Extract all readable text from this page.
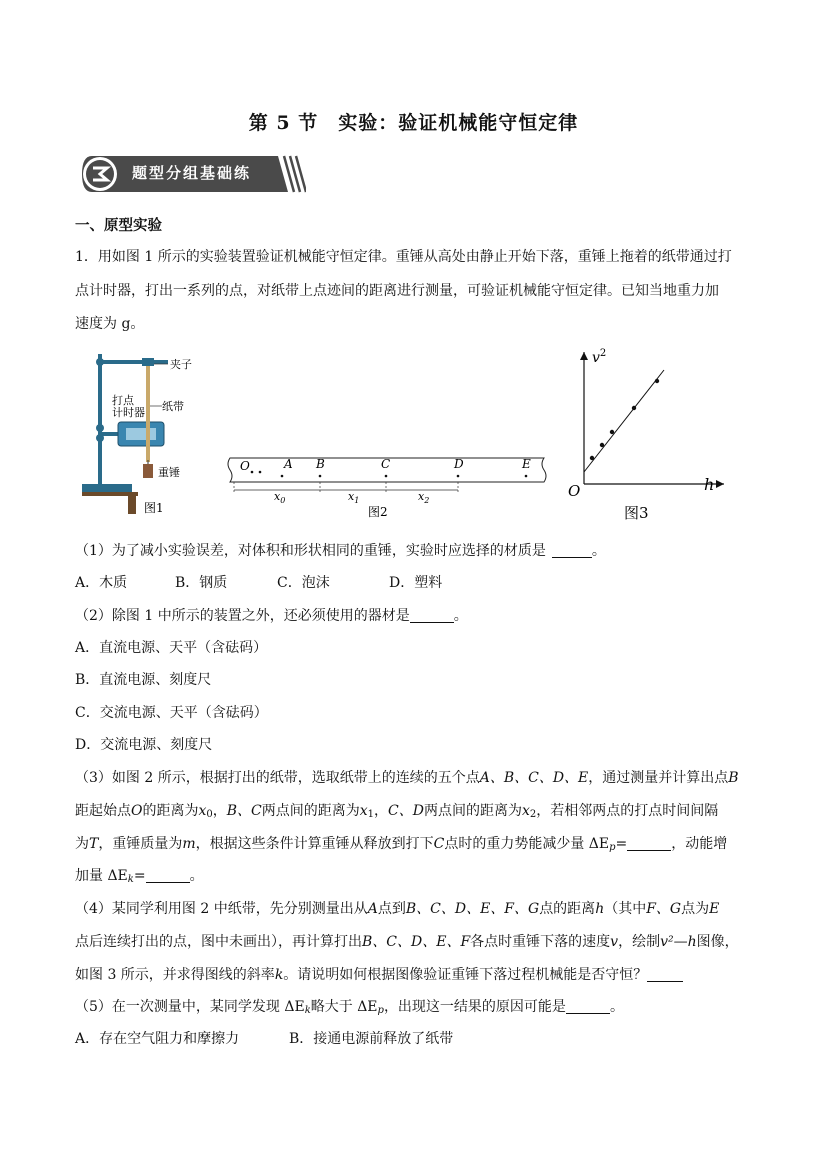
第 5 节　实验：验证机械能守恒定律
题型分组基础练
一、原型实验
1．用如图 1 所示的实验装置验证机械能守恒定律。重锤从高处由静止开始下落，重锤上拖着的纸带通过打
点计时器，打出一系列的点，对纸带上点迹间的距离进行测量，可验证机械能守恒定律。已知当地重力加
速度为 g。
夹子
纸带
打点
计时器
重锤
图1
O	A B	C	D	E
$x_0$	$x_1$	$x_2$
图2
$v^2$
h
O
图3
（1）为了减小实验误差，对体积和形状相同的重锤，实验时应选择的材质是	。
A．木质	B．钢质	C．泡沫	D．塑料
（2）除图 1 中所示的装置之外，还必须使用的器材是	。
A．直流电源、天平（含砝码）
B．直流电源、刻度尺
C．交流电源、天平（含砝码）
D．交流电源、刻度尺
（3）如图 2 所示，根据打出的纸带，选取纸带上的连续的五个点A、B、C、D、E，通过测量并计算出点B
距起始点O的距离为$x_0$，B、C两点间的距离为$x_1$，C、D两点间的距离为$x_2$，若相邻两点的打点时间间隔
为T，重锤质量为m，根据这些条件计算重锤从释放到打下C点时的重力势能减少量 $\Delta E_p=$	，动能增
加量 $\Delta E_k=$	。
（4）某同学利用图 2 中纸带，先分别测量出从A点到B、C、D、E、F、G点的距离h（其中F、G点为E
点后连续打出的点，图中未画出），再计算打出B、C、D、E、F各点时重锤下落的速度v，绘制v²—h图像，
如图 3 所示，并求得图线的斜率k。请说明如何根据图像验证重锤下落过程机械能是否守恒？
（5）在一次测量中，某同学发现 $\Delta E_k$略大于 $\Delta E_p$，出现这一结果的原因可能是	。
A．存在空气阻力和摩擦力	B．接通电源前释放了纸带
